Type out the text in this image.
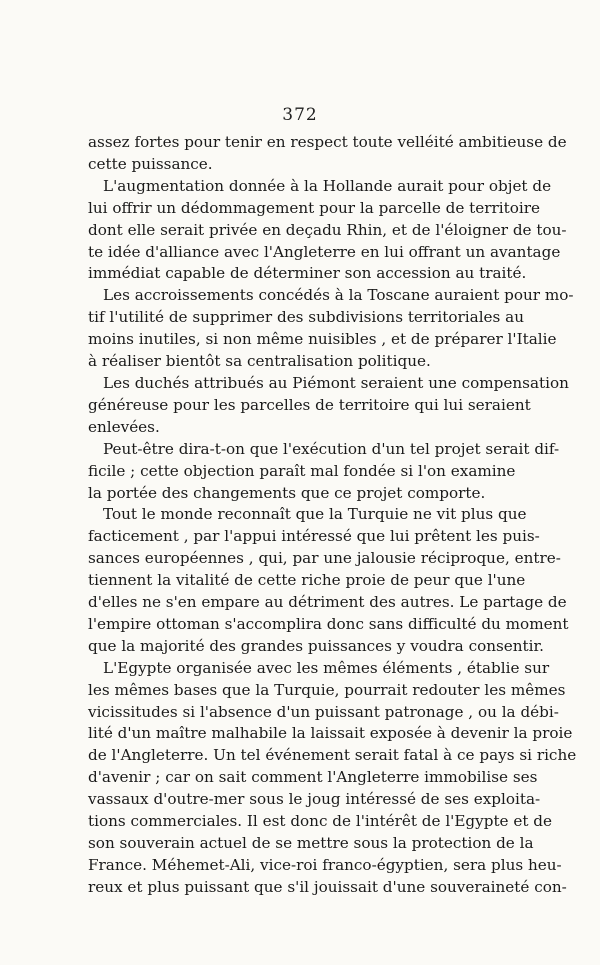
372
assez fortes pour tenir en respect toute velléité ambitieuse de
cette puissance.
L'augmentation donnée à la Hollande aurait pour objet de
lui offrir un dédommagement pour la parcelle de territoire
dont elle serait privée en deçadu Rhin, et de l'éloigner de tou-
te idée d'alliance avec l'Angleterre en lui offrant un avantage
immédiat capable de déterminer son accession au traité.
Les accroissements concédés à la Toscane auraient pour mo-
tif l'utilité de supprimer des subdivisions territoriales au
moins inutiles, si non même nuisibles , et de préparer l'Italie
à réaliser bientôt sa centralisation politique.
Les duchés attribués au Piémont seraient une compensation
généreuse pour les parcelles de territoire qui lui seraient
enlevées.
Peut-être dira-t-on que l'exécution d'un tel projet serait dif-
ficile ; cette objection paraît mal fondée si l'on examine
la portée des changements que ce projet comporte.
Tout le monde reconnaît que la Turquie ne vit plus que
facticement , par l'appui intéressé que lui prêtent les puis-
sances européennes , qui, par une jalousie réciproque, entre-
tiennent la vitalité de cette riche proie de peur que l'une
d'elles ne s'en empare au détriment des autres. Le partage de
l'empire ottoman s'accomplira donc sans difficulté du moment
que la majorité des grandes puissances y voudra consentir.
L'Egypte organisée avec les mêmes éléments , établie sur
les mêmes bases que la Turquie, pourrait redouter les mêmes
vicissitudes si l'absence d'un puissant patronage , ou la débi-
lité d'un maître malhabile la laissait exposée à devenir la proie
de l'Angleterre. Un tel événement serait fatal à ce pays si riche
d'avenir ; car on sait comment l'Angleterre immobilise ses
vassaux d'outre-mer sous le joug intéressé de ses exploita-
tions commerciales. Il est donc de l'intérêt de l'Egypte et de
son souverain actuel de se mettre sous la protection de la
France. Méhemet-Ali, vice-roi franco-égyptien, sera plus heu-
reux et plus puissant que s'il jouissait d'une souveraineté con-
